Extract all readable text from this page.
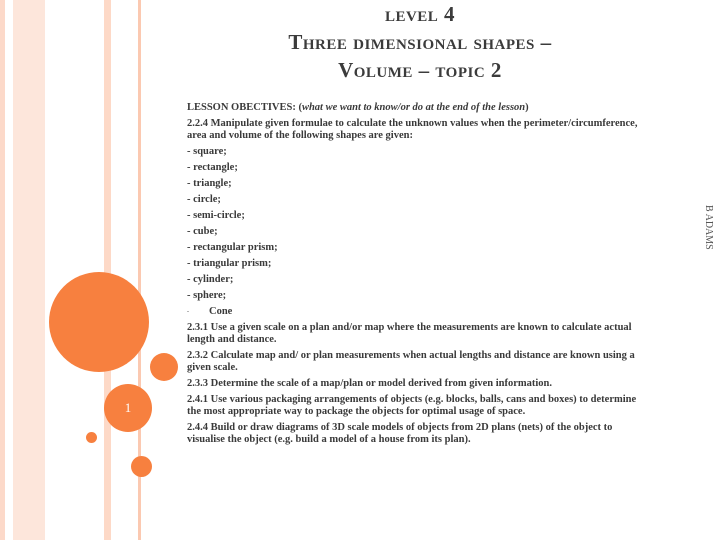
1
level 4
Three dimensional shapes –
Volume – topic 2
B ADAMS

LESSON OBECTIVES: (what we want to know/or do at the end of the lesson)

2.2.4 Manipulate given formulae to calculate the unknown values when the perimeter/circumference, area and volume of the following shapes are given:

- square;

- rectangle;

- triangle;

- circle;

- semi-circle;

- cube;

- rectangular prism;

- triangular prism;

- cylinder;

- sphere;

-	Cone

2.3.1 Use a given scale on a plan and/or map where the measurements are known to calculate actual length and distance.

2.3.2 Calculate map and/ or plan measurements when actual lengths and distance are known using a given scale.

2.3.3 Determine the scale of a map/plan or model derived from given information.

2.4.1 Use various packaging arrangements of objects (e.g. blocks, balls, cans and boxes) to determine the most appropriate way to package the objects for optimal usage of space.

2.4.4 Build or draw diagrams of 3D scale models of objects from 2D plans (nets) of the object to visualise the object (e.g. build a model of a house from its plan).
